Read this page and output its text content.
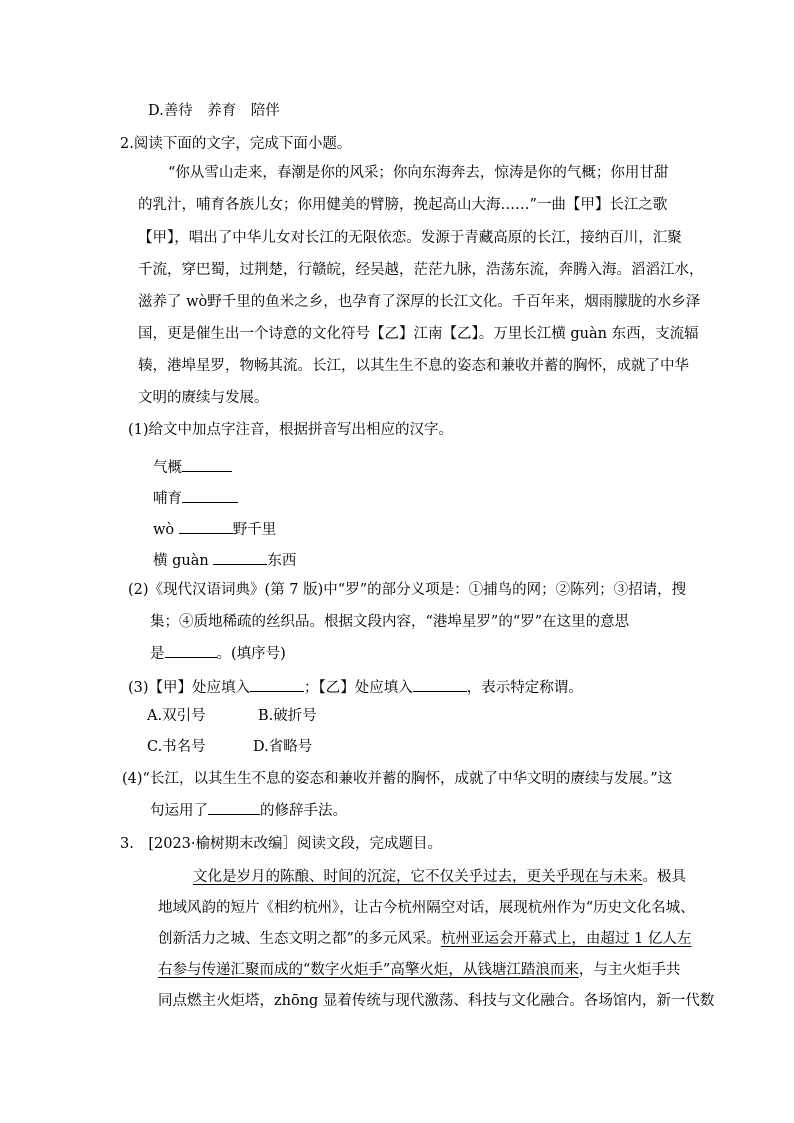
D.善待　养育　陪伴
2.阅读下面的文字，完成下面小题。
“你从雪山走来，春潮是你的风采；你向东海奔去，惊涛是你的气概；你用甘甜
的乳汁，哺育各族儿女；你用健美的臂膀，挽起高山大海……”一曲【甲】长江之歌
【甲】，唱出了中华儿女对长江的无限依恋。发源于青藏高原的长江，接纳百川，汇聚
千流，穿巴蜀，过荆楚，行赣皖，经吴越，茫茫九脉，浩荡东流，奔腾入海。滔滔江水，
滋养了 wò野千里的鱼米之乡，也孕育了深厚的长江文化。千百年来，烟雨朦胧的水乡泽
国，更是催生出一个诗意的文化符号【乙】江南【乙】。万里长江横 guàn 东西，支流辐
辏，港埠星罗，物畅其流。长江，以其生生不息的姿态和兼收并蓄的胸怀，成就了中华
文明的赓续与发展。
(1)给文中加点字注音，根据拼音写出相应的汉字。
气概
哺育
wò	野千里
横 guàn	东西
(2)《现代汉语词典》(第 7 版)中“罗”的部分义项是：①捕鸟的网；②陈列；③招请，搜
集；④质地稀疏的丝织品。根据文段内容，“港埠星罗”的“罗”在这里的意思
是	。(填序号)
(3)【甲】处应填入	；【乙】处应填入	，表示特定称谓。
A.双引号	B.破折号
C.书名号	D.省略号
(4)“长江，以其生生不息的姿态和兼收并蓄的胸怀，成就了中华文明的赓续与发展。”这
句运用了	的修辞手法。
3.　[2023·榆树期末改编］阅读文段，完成题目。
文化是岁月的陈酿、时间的沉淀，它不仅关乎过去，更关乎现在与未来。极具
地域风韵的短片《相约杭州》，让古今杭州隔空对话，展现杭州作为“历史文化名城、
创新活力之城、生态文明之都”的多元风采。杭州亚运会开幕式上，由超过 1 亿人左
右参与传递汇聚而成的“数字火炬手”高擎火炬，从钱塘江踏浪而来，与主火炬手共
同点燃主火炬塔，zhōng 显着传统与现代激荡、科技与文化融合。各场馆内，新一代数
